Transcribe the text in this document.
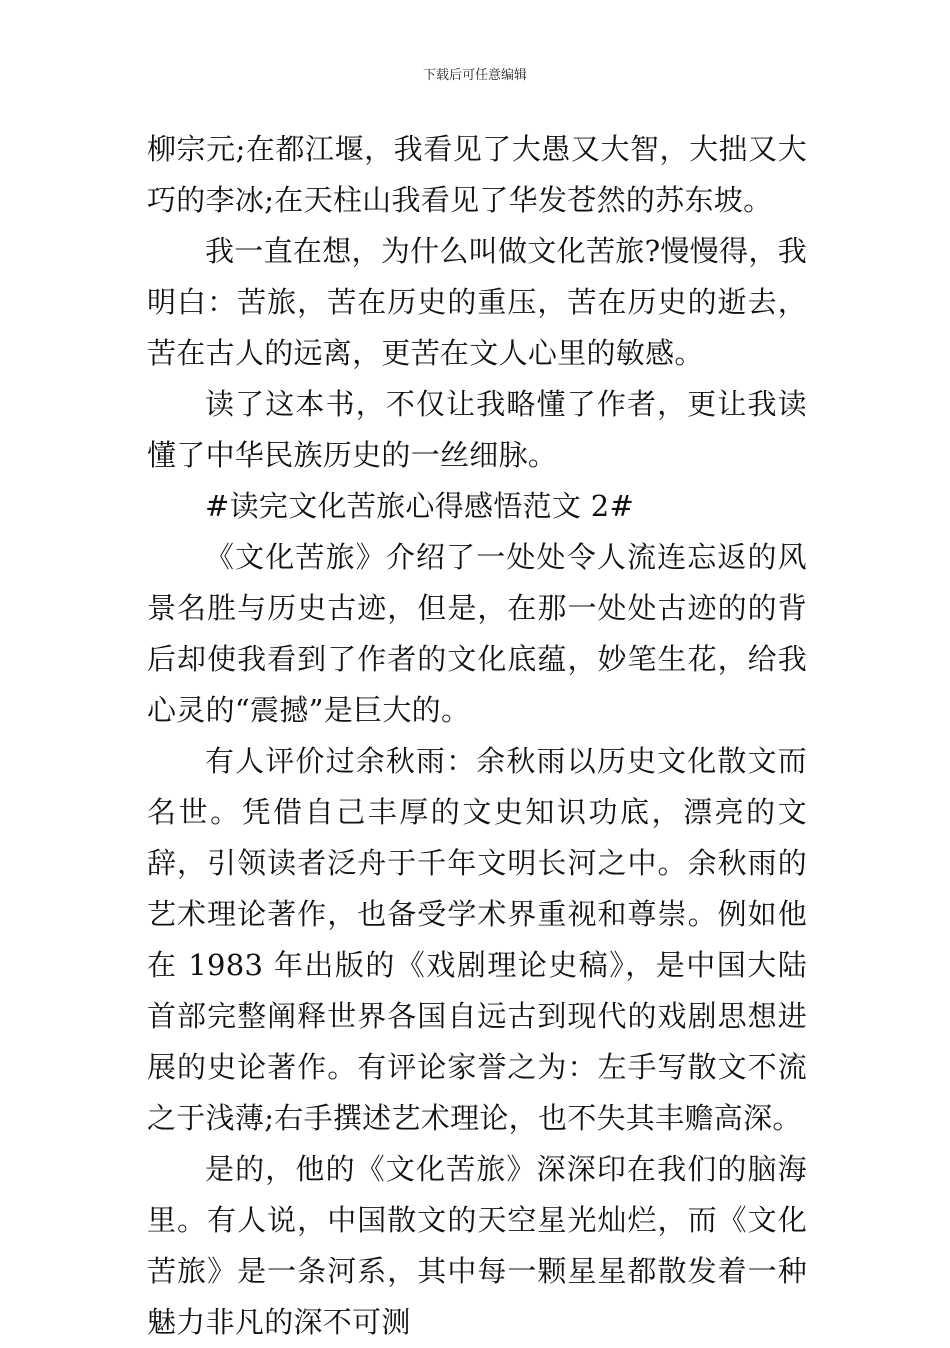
下载后可任意编辑

柳宗元;在都江堰，我看见了大愚又大智，大拙又大巧的李冰;在天柱山我看见了华发苍然的苏东坡。

我一直在想，为什么叫做文化苦旅?慢慢得，我明白：苦旅，苦在历史的重压，苦在历史的逝去，苦在古人的远离，更苦在文人心里的敏感。

读了这本书，不仅让我略懂了作者，更让我读懂了中华民族历史的一丝细脉。

#读完文化苦旅心得感悟范文 2#

《文化苦旅》介绍了一处处令人流连忘返的风景名胜与历史古迹，但是，在那一处处古迹的的背后却使我看到了作者的文化底蕴，妙笔生花，给我心灵的“震撼”是巨大的。

有人评价过余秋雨：余秋雨以历史文化散文而名世。凭借自己丰厚的文史知识功底，漂亮的文辞，引领读者泛舟于千年文明长河之中。余秋雨的艺术理论著作，也备受学术界重视和尊崇。例如他在 1983 年出版的《戏剧理论史稿》，是中国大陆首部完整阐释世界各国自远古到现代的戏剧思想进展的史论著作。有评论家誉之为：左手写散文不流之于浅薄;右手撰述艺术理论，也不失其丰赡高深。

是的，他的《文化苦旅》深深印在我们的脑海里。有人说，中国散文的天空星光灿烂，而《文化苦旅》是一条河系，其中每一颗星星都散发着一种魅力非凡的深不可测
